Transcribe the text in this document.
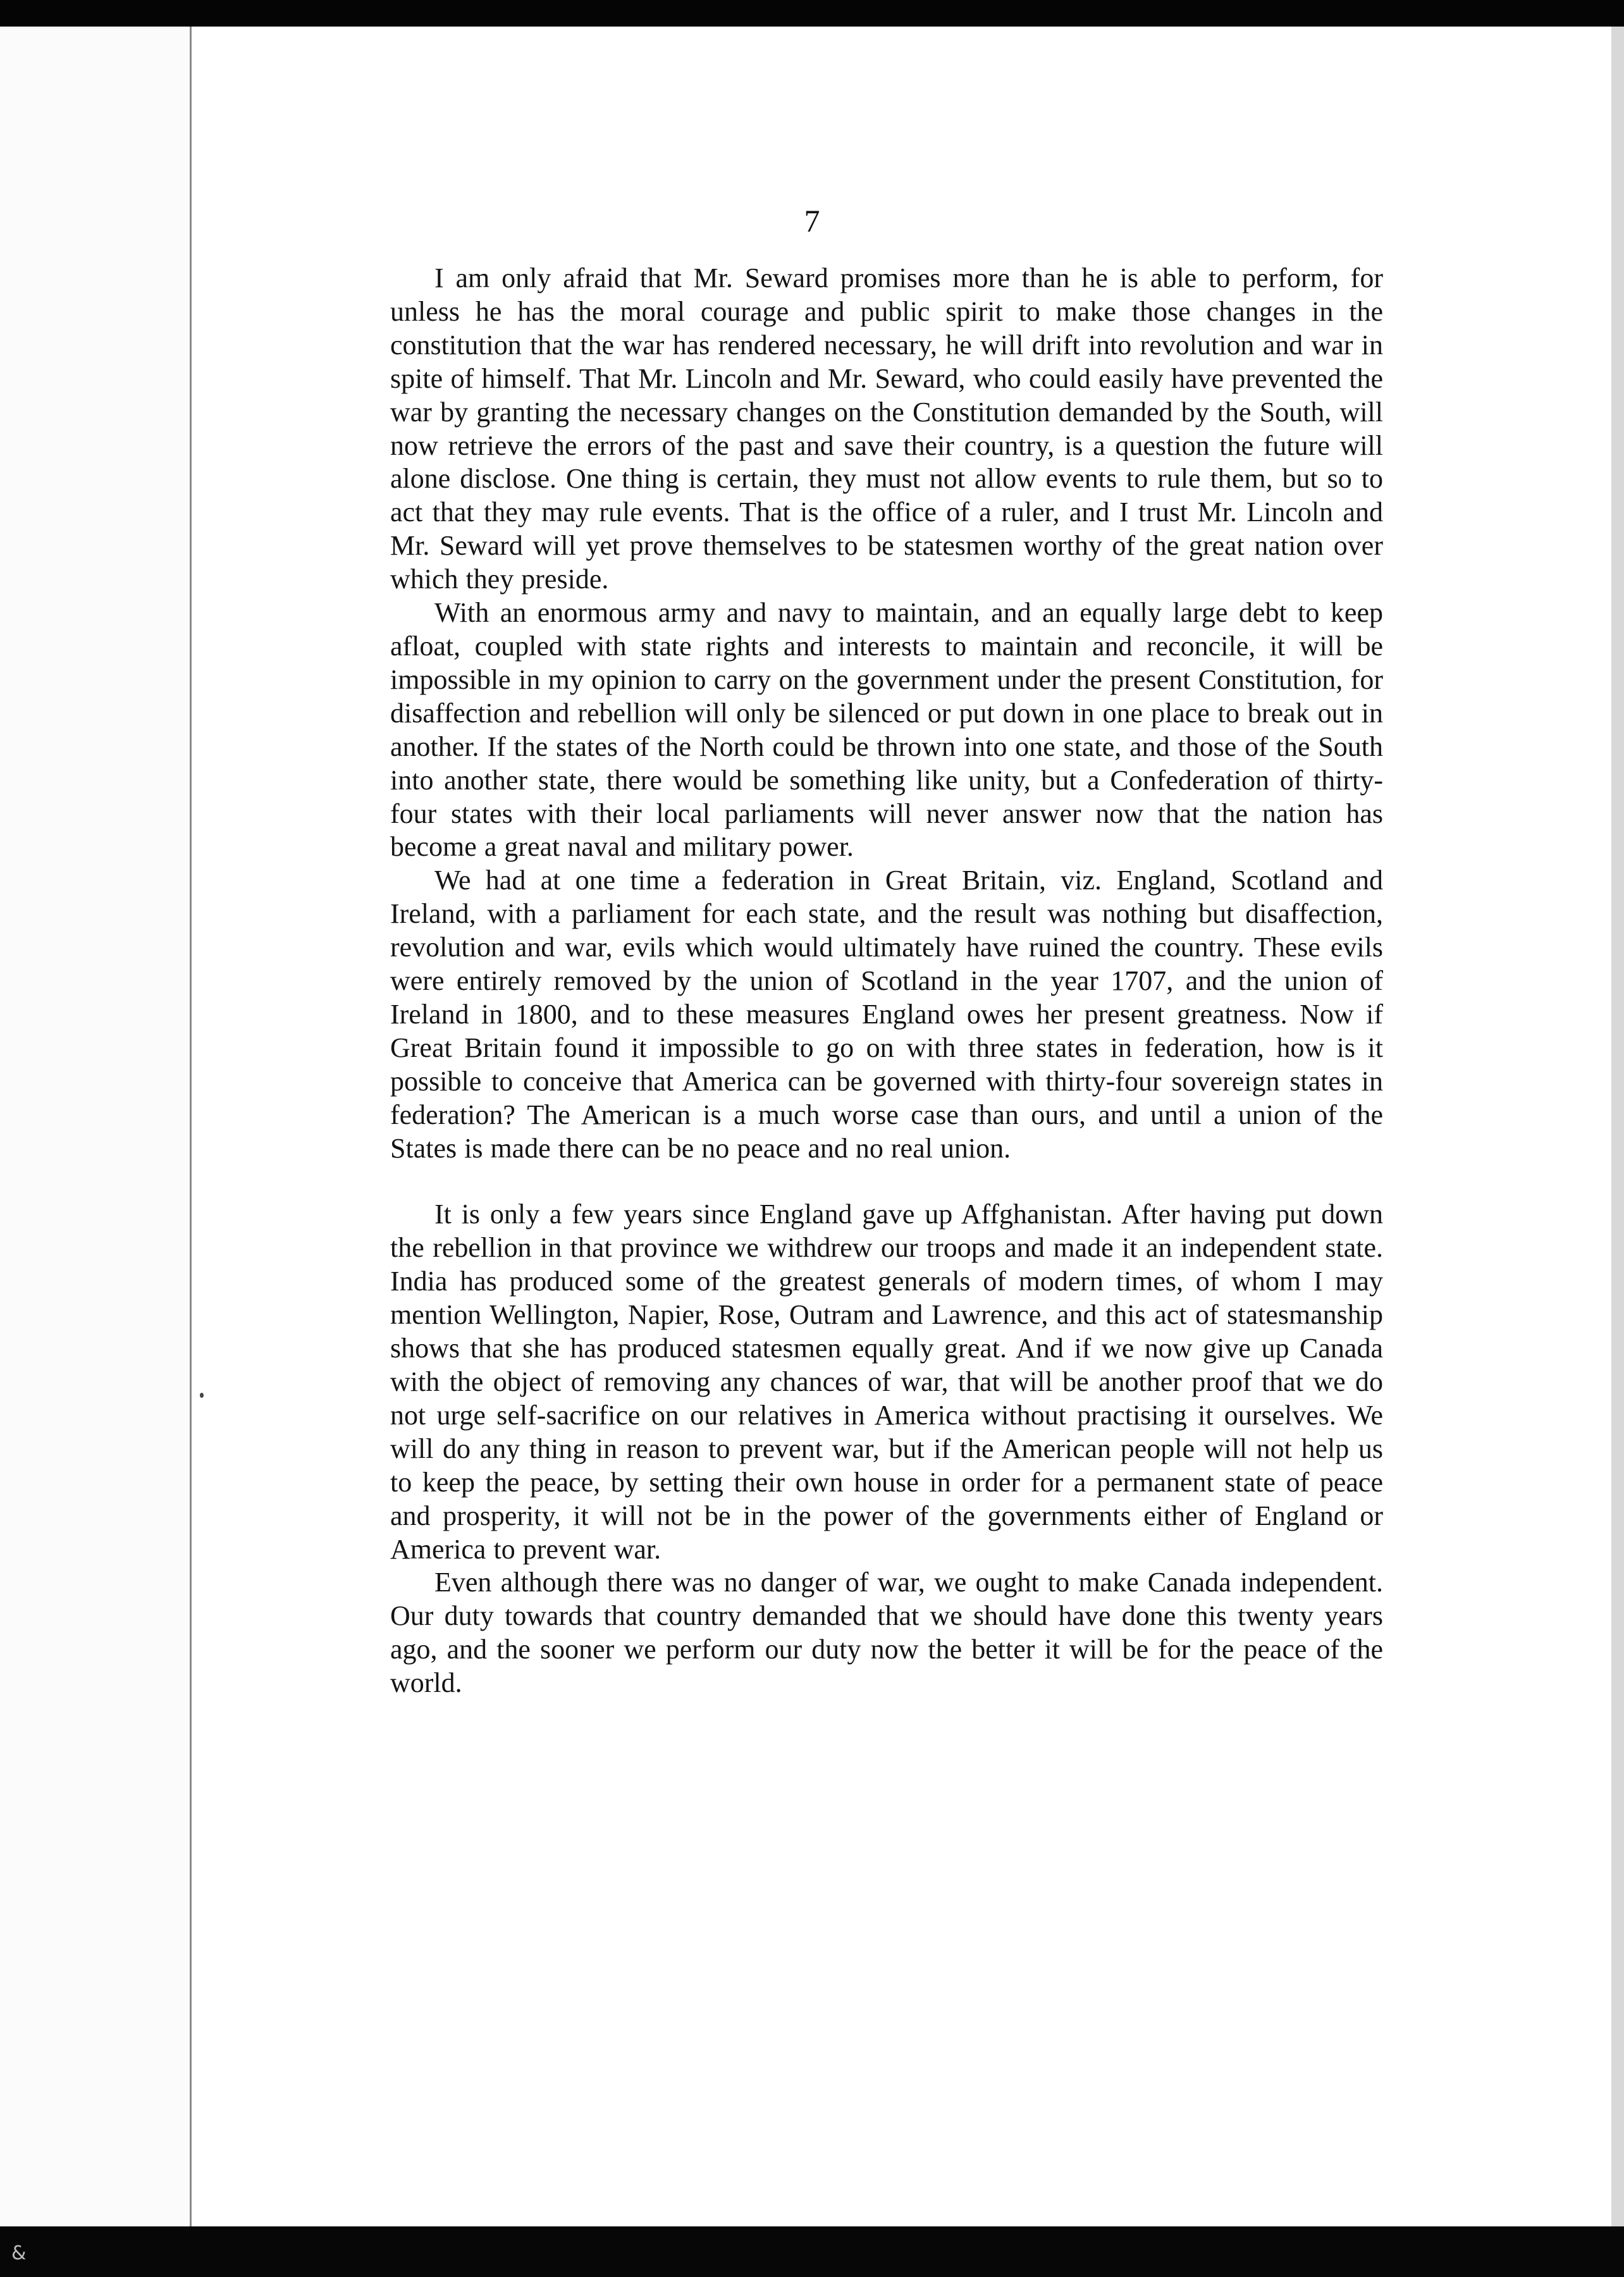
7

I am only afraid that Mr. Seward promises more than he is able to perform, for unless he has the moral courage and public spirit to make those changes in the constitution that the war has rendered necessary, he will drift into revolution and war in spite of himself. That Mr. Lincoln and Mr. Seward, who could easily have prevented the war by granting the necessary changes on the Constitution demanded by the South, will now retrieve the errors of the past and save their country, is a question the future will alone disclose. One thing is certain, they must not allow events to rule them, but so to act that they may rule events. That is the office of a ruler, and I trust Mr. Lincoln and Mr. Seward will yet prove themselves to be statesmen worthy of the great nation over which they preside.

With an enormous army and navy to maintain, and an equally large debt to keep afloat, coupled with state rights and interests to maintain and reconcile, it will be impossible in my opinion to carry on the government under the present Constitution, for disaffection and rebellion will only be silenced or put down in one place to break out in another. If the states of the North could be thrown into one state, and those of the South into another state, there would be something like unity, but a Confederation of thirty-four states with their local parliaments will never answer now that the nation has become a great naval and military power.

We had at one time a federation in Great Britain, viz. England, Scotland and Ireland, with a parliament for each state, and the result was nothing but disaffection, revolution and war, evils which would ultimately have ruined the country. These evils were entirely removed by the union of Scotland in the year 1707, and the union of Ireland in 1800, and to these measures England owes her present greatness. Now if Great Britain found it impossible to go on with three states in federation, how is it possible to conceive that America can be governed with thirty-four sovereign states in federation? The American is a much worse case than ours, and until a union of the States is made there can be no peace and no real union.

It is only a few years since England gave up Affghanistan. After having put down the rebellion in that province we withdrew our troops and made it an independent state. India has produced some of the greatest generals of modern times, of whom I may mention Wellington, Napier, Rose, Outram and Lawrence, and this act of statesmanship shows that she has produced statesmen equally great. And if we now give up Canada with the object of removing any chances of war, that will be another proof that we do not urge self-sacrifice on our relatives in America without practising it ourselves. We will do any thing in reason to prevent war, but if the American people will not help us to keep the peace, by setting their own house in order for a permanent state of peace and prosperity, it will not be in the power of the governments either of England or America to prevent war.

Even although there was no danger of war, we ought to make Canada independent. Our duty towards that country demanded that we should have done this twenty years ago, and the sooner we perform our duty now the better it will be for the peace of the world.

&
